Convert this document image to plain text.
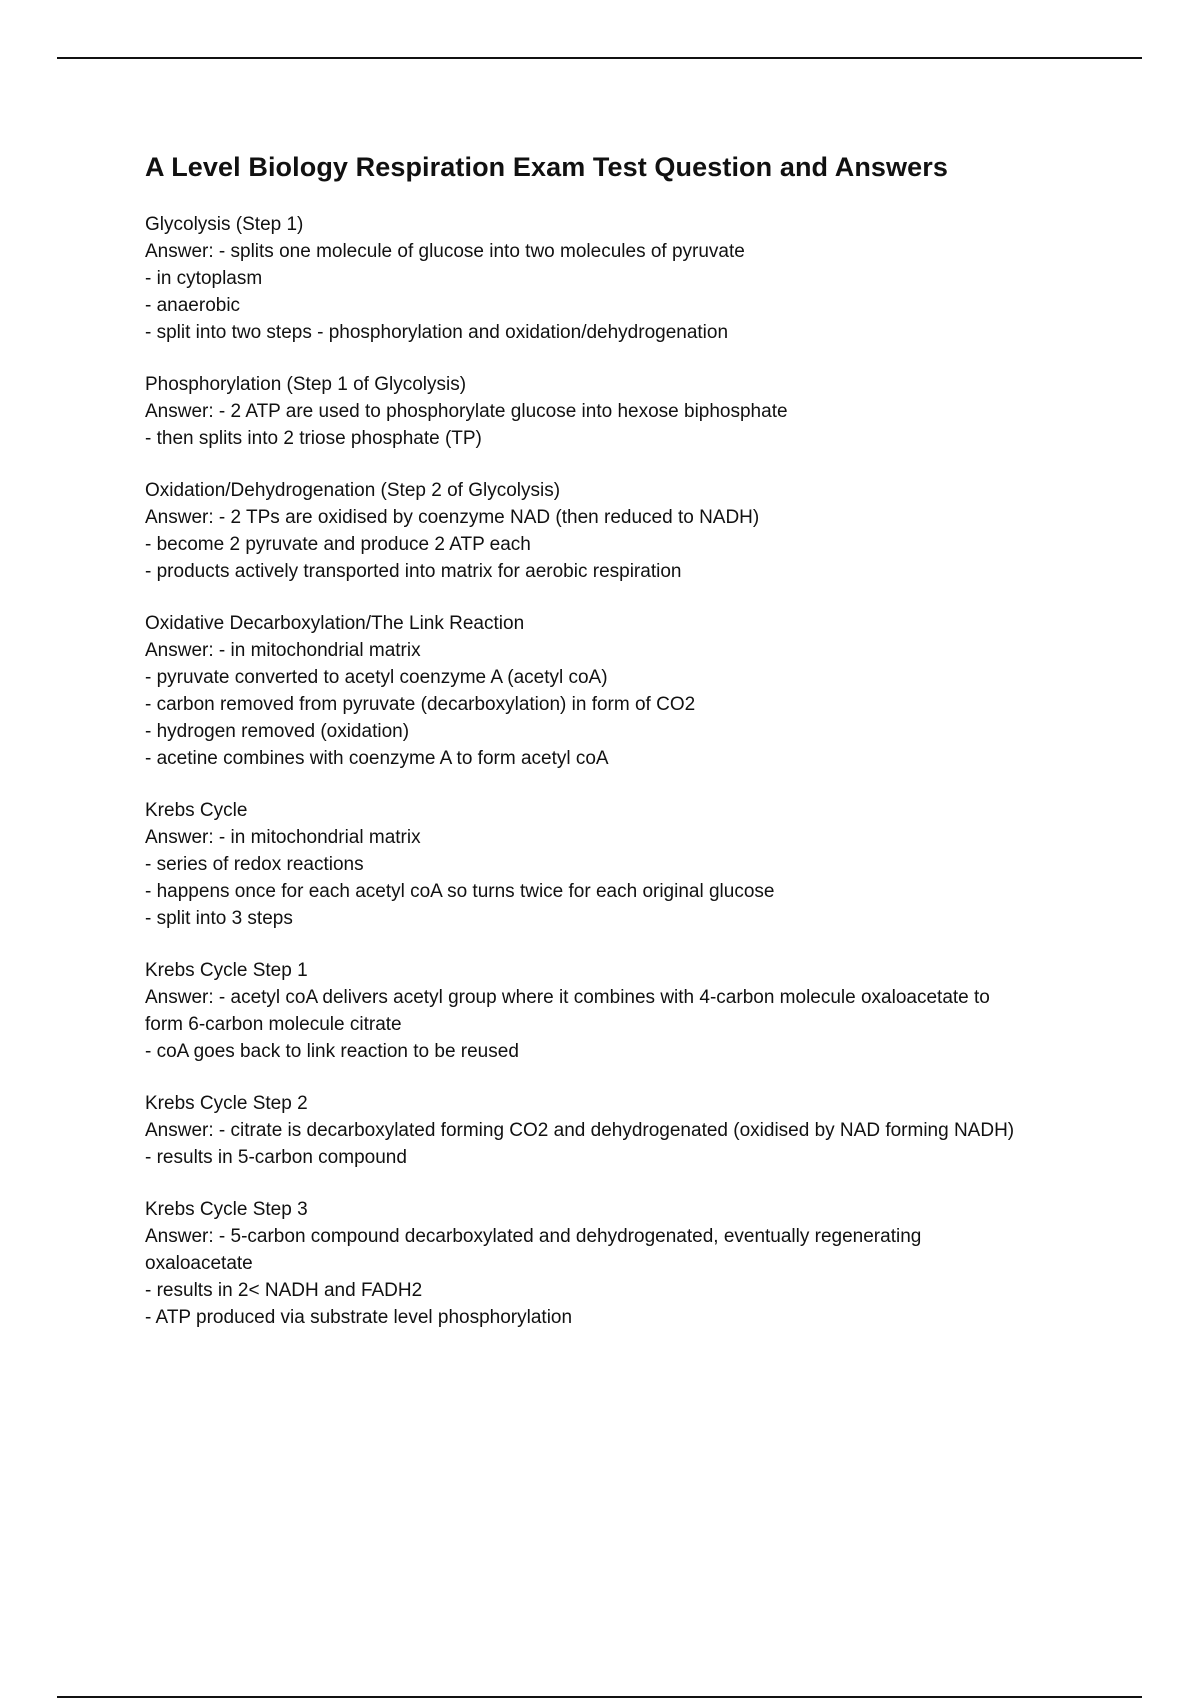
A Level Biology Respiration Exam Test Question and Answers

Glycolysis (Step 1)

Answer: - splits one molecule of glucose into two molecules of pyruvate

- in cytoplasm

- anaerobic

- split into two steps - phosphorylation and oxidation/dehydrogenation

Phosphorylation (Step 1 of Glycolysis)

Answer: - 2 ATP are used to phosphorylate glucose into hexose biphosphate

- then splits into 2 triose phosphate (TP)

Oxidation/Dehydrogenation (Step 2 of Glycolysis)

Answer: - 2 TPs are oxidised by coenzyme NAD (then reduced to NADH)

- become 2 pyruvate and produce 2 ATP each

- products actively transported into matrix for aerobic respiration

Oxidative Decarboxylation/The Link Reaction

Answer: - in mitochondrial matrix

- pyruvate converted to acetyl coenzyme A (acetyl coA)

- carbon removed from pyruvate (decarboxylation) in form of CO2

- hydrogen removed (oxidation)

- acetine combines with coenzyme A to form acetyl coA

Krebs Cycle

Answer: - in mitochondrial matrix

- series of redox reactions

- happens once for each acetyl coA so turns twice for each original glucose

- split into 3 steps

Krebs Cycle Step 1

Answer: - acetyl coA delivers acetyl group where it combines with 4-carbon molecule oxaloacetate to

form 6-carbon molecule citrate

- coA goes back to link reaction to be reused

Krebs Cycle Step 2

Answer: - citrate is decarboxylated forming CO2 and dehydrogenated (oxidised by NAD forming NADH)

- results in 5-carbon compound

Krebs Cycle Step 3

Answer: - 5-carbon compound decarboxylated and dehydrogenated, eventually regenerating

oxaloacetate

- results in 2< NADH and FADH2

- ATP produced via substrate level phosphorylation
